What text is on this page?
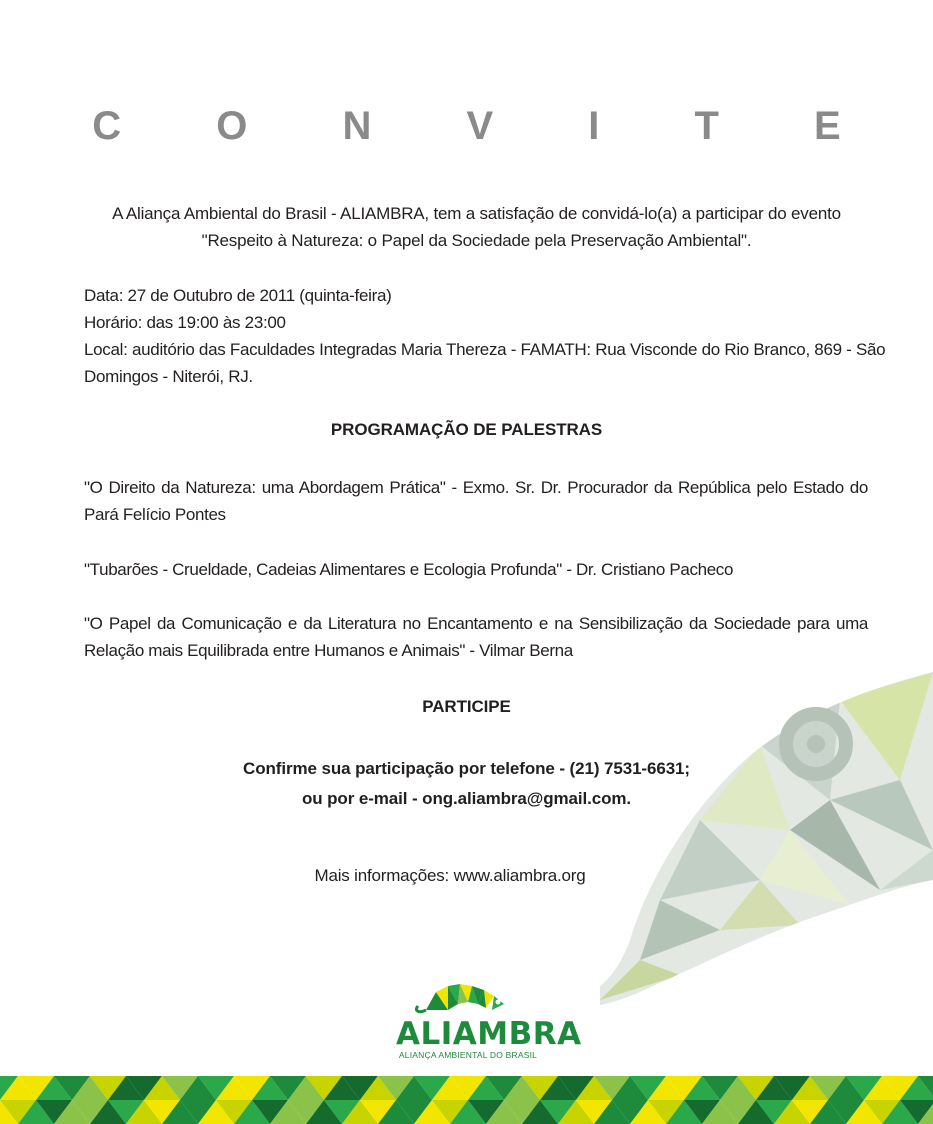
C O N V I T E
A Aliança Ambiental do Brasil - ALIAMBRA, tem a satisfação de convidá-lo(a) a participar do evento
"Respeito à Natureza: o Papel da Sociedade pela Preservação Ambiental".
Data: 27 de Outubro de 2011 (quinta-feira)
Horário: das 19:00 às 23:00
Local: auditório das Faculdades Integradas Maria Thereza - FAMATH: Rua Visconde do Rio Branco, 869 - São
Domingos - Niterói, RJ.
PROGRAMAÇÃO DE PALESTRAS
"O Direito da Natureza: uma Abordagem Prática" - Exmo. Sr. Dr. Procurador da República pelo Estado do Pará Felício Pontes
"Tubarões - Crueldade, Cadeias Alimentares e Ecologia Profunda" - Dr. Cristiano Pacheco
"O Papel da Comunicação e da Literatura no Encantamento e na Sensibilização da Sociedade para uma Relação mais Equilibrada entre Humanos e Animais" - Vilmar Berna
PARTICIPE
Confirme sua participação por telefone - (21) 7531-6631;
ou por e-mail - ong.aliambra@gmail.com.
Mais informações: www.aliambra.org
ALIAMBRA
ALIANÇA AMBIENTAL DO BRASIL
